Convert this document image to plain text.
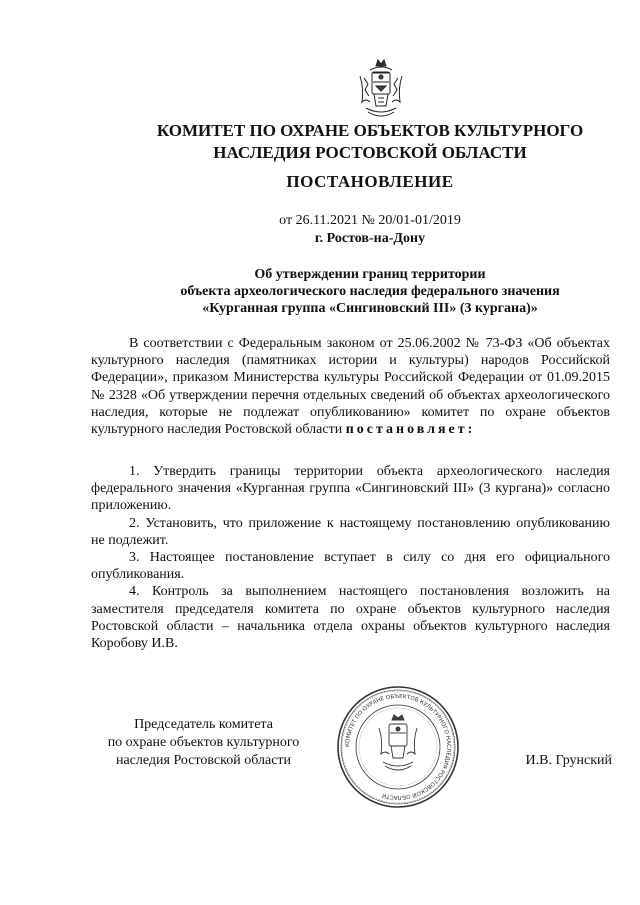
КОМИТЕТ ПО ОХРАНЕ ОБЪЕКТОВ КУЛЬТУРНОГО
НАСЛЕДИЯ РОСТОВСКОЙ ОБЛАСТИ
ПОСТАНОВЛЕНИЕ
от 26.11.2021 № 20/01-01/2019
г. Ростов-на-Дону
Об утверждении границ территории
объекта археологического наследия федерального значения
«Курганная группа «Сингиновский III» (3 кургана)»
В соответствии с Федеральным законом от 25.06.2002 № 73-ФЗ «Об объектах культурного наследия (памятниках истории и культуры) народов Российской Федерации», приказом Министерства культуры Российской Федерации от 01.09.2015 № 2328 «Об утверждении перечня отдельных сведений об объектах археологического наследия, которые не подлежат опубликованию» комитет по охране объектов культурного наследия Ростовской области постановляет:

1. Утвердить границы территории объекта археологического наследия федерального значения «Курганная группа «Сингиновский III» (3 кургана)» согласно приложению.

2. Установить, что приложение к настоящему постановлению опубликованию не подлежит.

3. Настоящее постановление вступает в силу со дня его официального опубликования.

4. Контроль за выполнением настоящего постановления возложить на заместителя председателя комитета по охране объектов культурного наследия Ростовской области – начальника отдела охраны объектов культурного наследия Коробову И.В.

Председатель комитета
по охране объектов культурного
наследия Ростовской области
КОМИТЕТ ПО ОХРАНЕ ОБЪЕКТОВ КУЛЬТУРНОГО НАСЛЕДИЯ РОСТОВСКОЙ ОБЛАСТИ
И.В. Грунский
